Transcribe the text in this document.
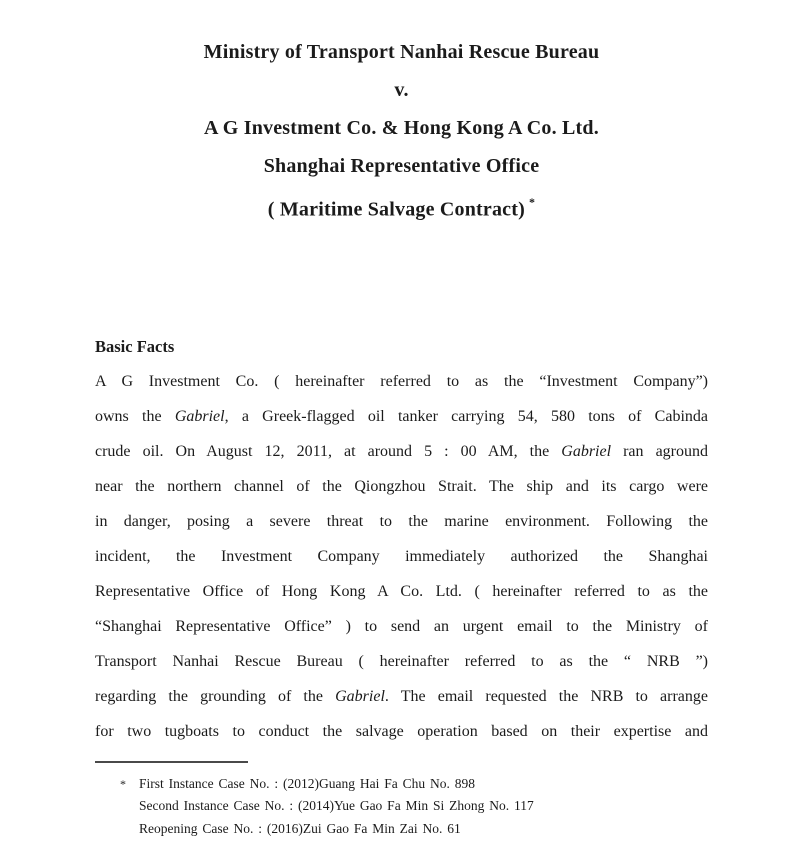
Ministry of Transport Nanhai Rescue Bureau
v.
A G Investment Co. & Hong Kong A Co. Ltd.
Shanghai Representative Office
( Maritime Salvage Contract) *
Basic Facts
A G Investment Co. ( hereinafter referred to as the “Investment Company”)
owns the Gabriel, a Greek-flagged oil tanker carrying 54, 580 tons of Cabinda
crude oil. On August 12, 2011, at around 5 : 00 AM, the Gabriel ran aground
near the northern channel of the Qiongzhou Strait. The ship and its cargo were
in danger, posing a severe threat to the marine environment. Following the
incident, the Investment Company immediately authorized the Shanghai
Representative Office of Hong Kong A Co. Ltd. ( hereinafter referred to as the
“Shanghai Representative Office” ) to send an urgent email to the Ministry of
Transport Nanhai Rescue Bureau ( hereinafter referred to as the “ NRB ”)
regarding the grounding of the Gabriel. The email requested the NRB to arrange
for two tugboats to conduct the salvage operation based on their expertise and
* First Instance Case No. : (2012)Guang Hai Fa Chu No. 898
Second Instance Case No. : (2014)Yue Gao Fa Min Si Zhong No. 117
Reopening Case No. : (2016)Zui Gao Fa Min Zai No. 61
